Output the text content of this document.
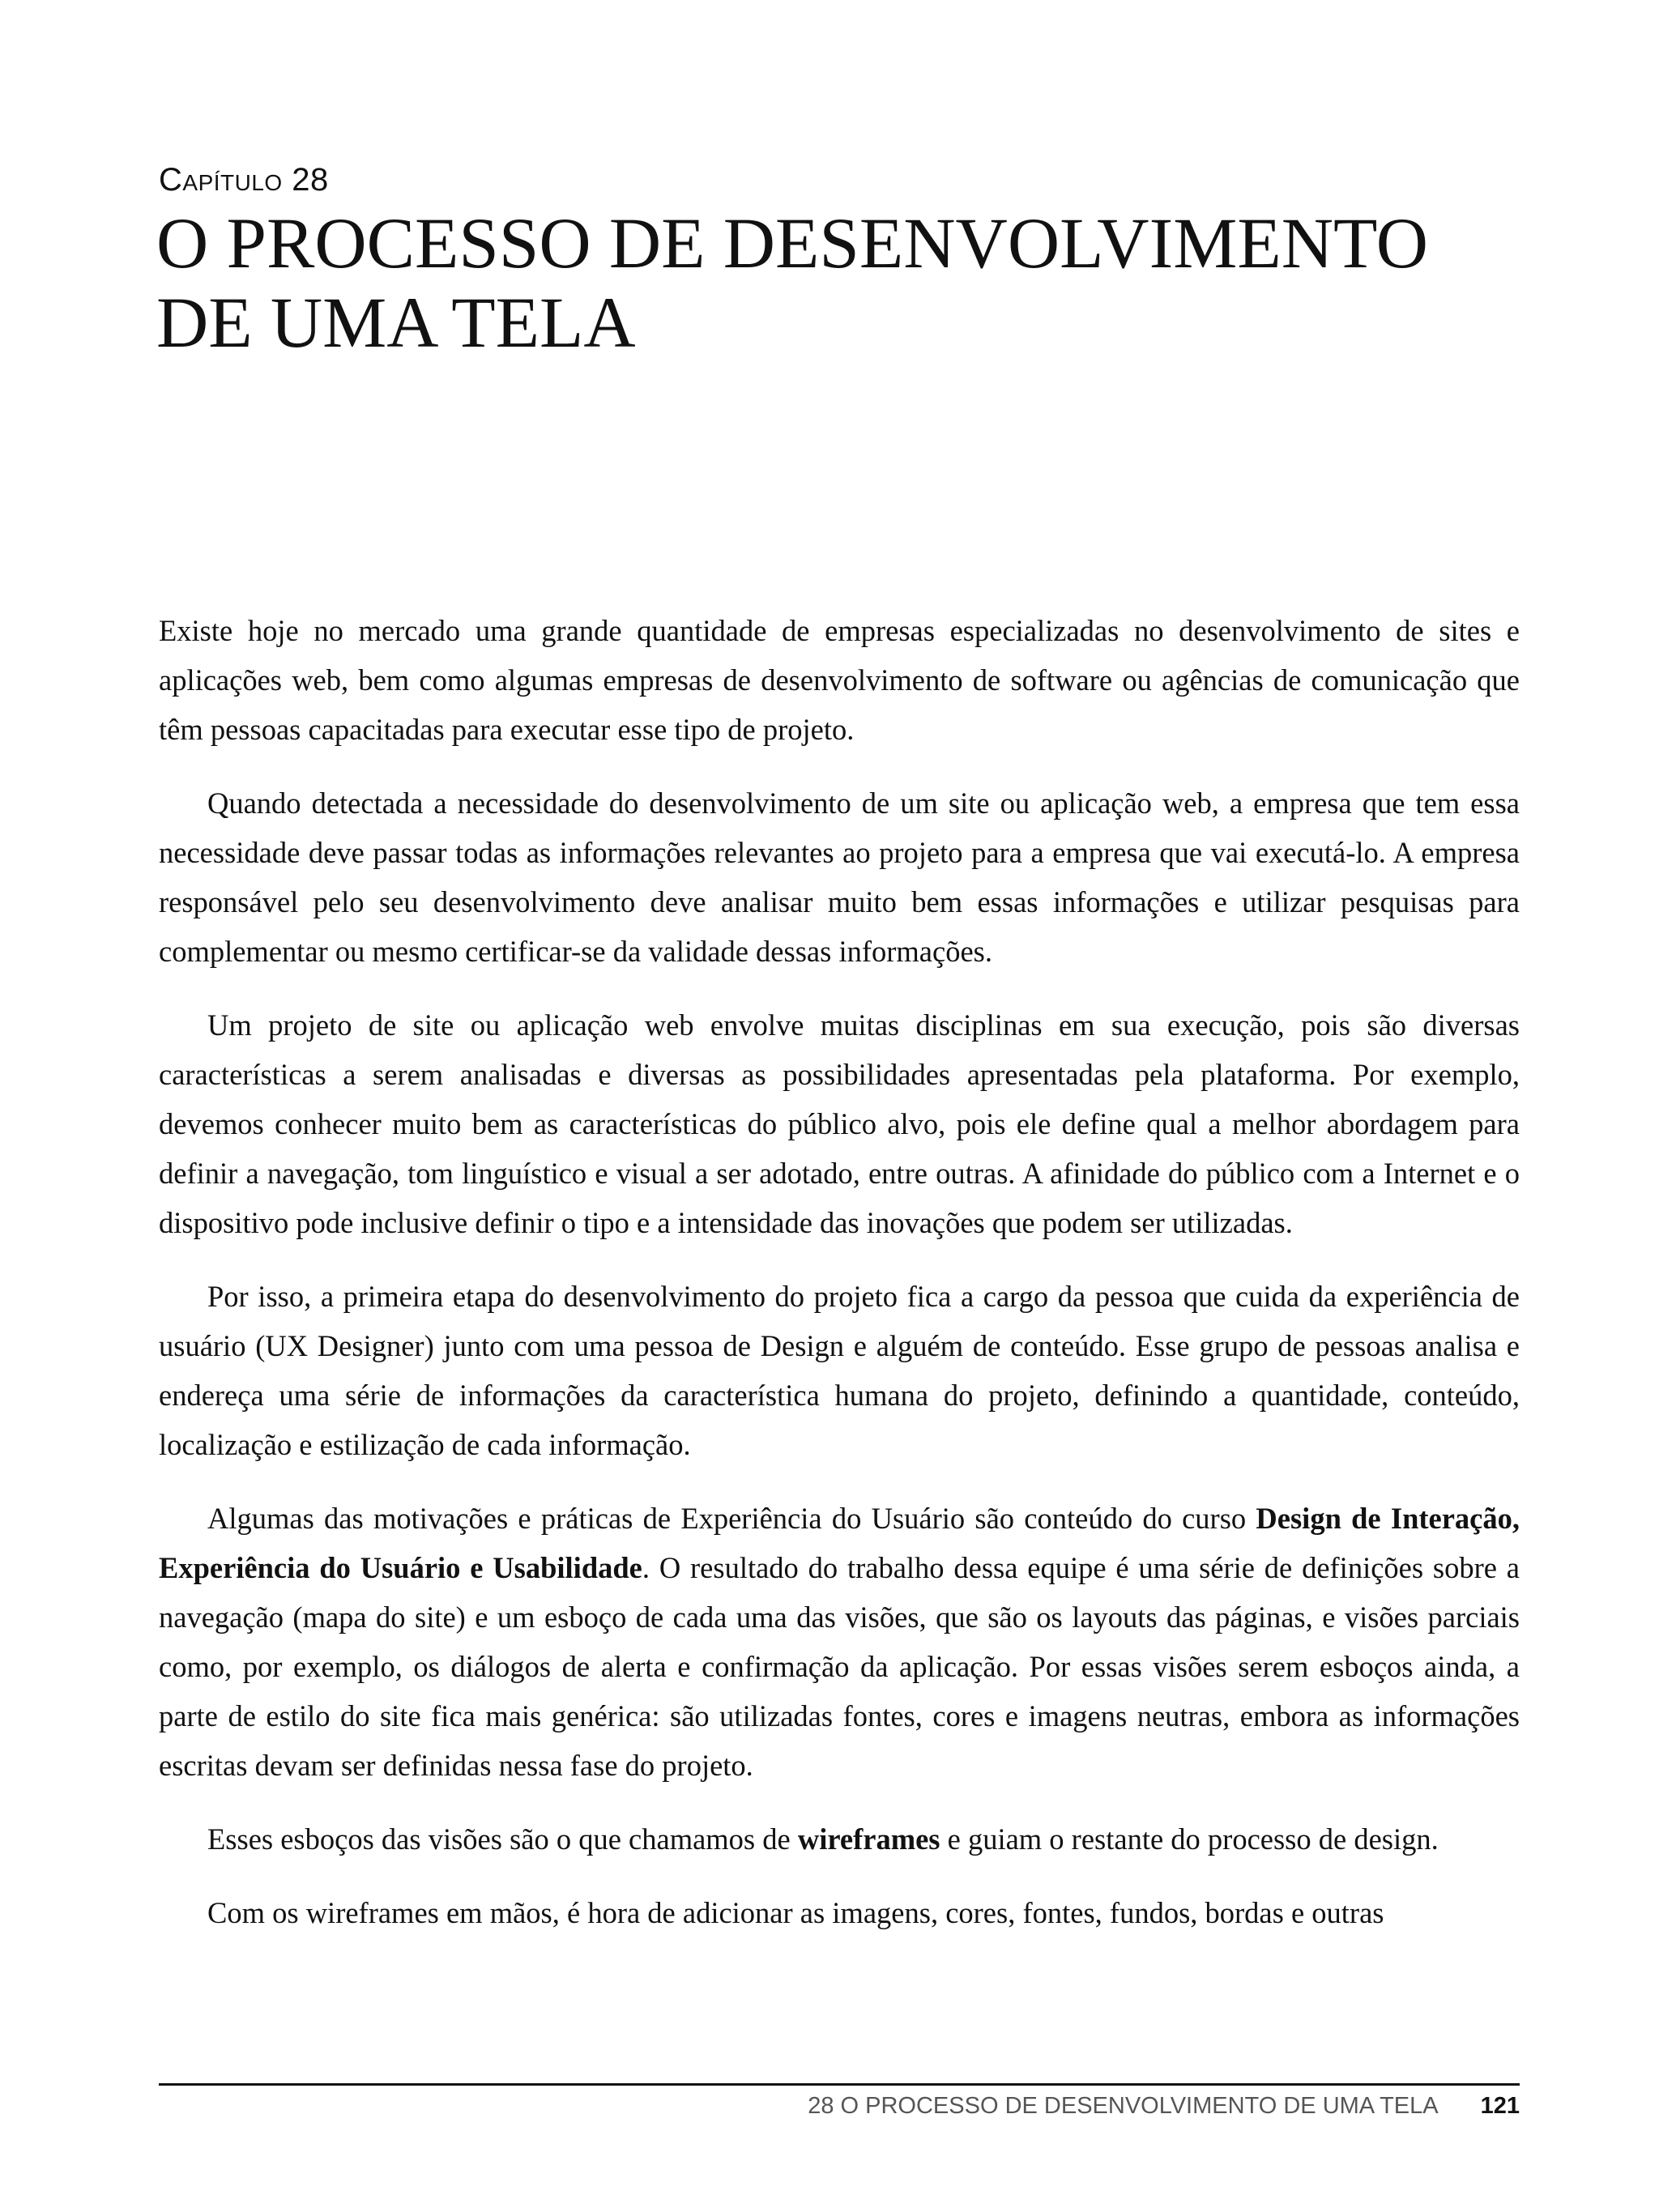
Capítulo 28
O PROCESSO DE DESENVOLVIMENTO
DE UMA TELA

Existe hoje no mercado uma grande quantidade de empresas especializadas no desenvolvimento de sites e aplicações web, bem como algumas empresas de desenvolvimento de software ou agências de comunicação que têm pessoas capacitadas para executar esse tipo de projeto.

Quando detectada a necessidade do desenvolvimento de um site ou aplicação web, a empresa que tem essa necessidade deve passar todas as informações relevantes ao projeto para a empresa que vai executá-lo. A empresa responsável pelo seu desenvolvimento deve analisar muito bem essas informações e utilizar pesquisas para complementar ou mesmo certificar-se da validade dessas informações.

Um projeto de site ou aplicação web envolve muitas disciplinas em sua execução, pois são diversas características a serem analisadas e diversas as possibilidades apresentadas pela plataforma. Por exemplo, devemos conhecer muito bem as características do público alvo, pois ele define qual a melhor abordagem para definir a navegação, tom linguístico e visual a ser adotado, entre outras. A afinidade do público com a Internet e o dispositivo pode inclusive definir o tipo e a intensidade das inovações que podem ser utilizadas.

Por isso, a primeira etapa do desenvolvimento do projeto fica a cargo da pessoa que cuida da experiência de usuário (UX Designer) junto com uma pessoa de Design e alguém de conteúdo. Esse grupo de pessoas analisa e endereça uma série de informações da característica humana do projeto, definindo a quantidade, conteúdo, localização e estilização de cada informação.

Algumas das motivações e práticas de Experiência do Usuário são conteúdo do curso Design de Interação, Experiência do Usuário e Usabilidade. O resultado do trabalho dessa equipe é uma série de definições sobre a navegação (mapa do site) e um esboço de cada uma das visões, que são os layouts das páginas, e visões parciais como, por exemplo, os diálogos de alerta e confirmação da aplicação. Por essas visões serem esboços ainda, a parte de estilo do site fica mais genérica: são utilizadas fontes, cores e imagens neutras, embora as informações escritas devam ser definidas nessa fase do projeto.

Esses esboços das visões são o que chamamos de wireframes e guiam o restante do processo de design.

Com os wireframes em mãos, é hora de adicionar as imagens, cores, fontes, fundos, bordas e outras

28 O PROCESSO DE DESENVOLVIMENTO DE UMA TELA 121
